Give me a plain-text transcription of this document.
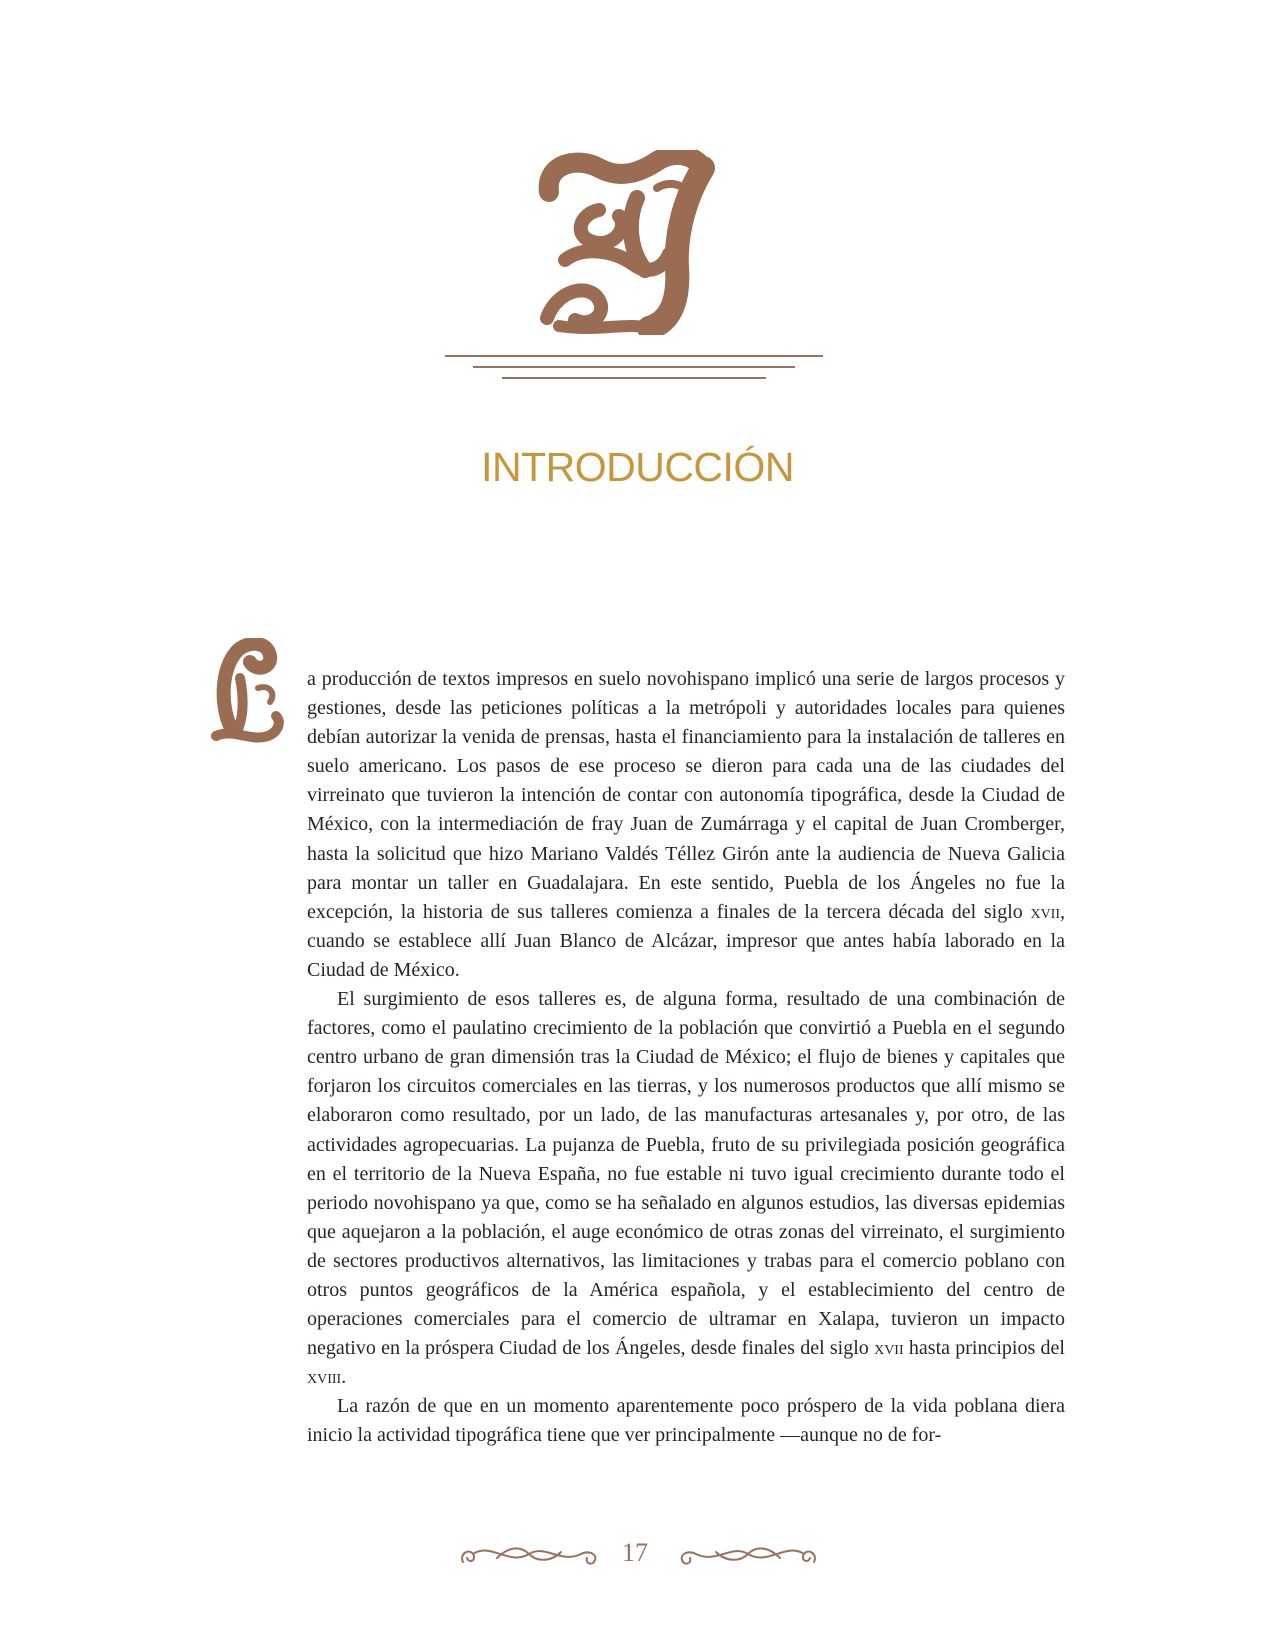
INTRODUCCIÓN

a producción de textos impresos en suelo novohispano implicó una serie de largos procesos y gestiones, desde las peticiones políticas a la metrópoli y autoridades locales para quienes debían autorizar la venida de prensas, hasta el financiamiento para la instalación de talleres en suelo americano. Los pasos de ese proceso se dieron para cada una de las ciudades del virreinato que tuvieron la intención de contar con autonomía tipográfica, desde la Ciudad de México, con la intermediación de fray Juan de Zumárraga y el capital de Juan Cromberger, hasta la solicitud que hizo Mariano Valdés Téllez Girón ante la audiencia de Nueva Galicia para montar un taller en Guadalajara. En este sentido, Puebla de los Ángeles no fue la excepción, la historia de sus talleres comienza a finales de la tercera década del siglo xvii, cuando se establece allí Juan Blanco de Alcázar, impresor que antes había laborado en la Ciudad de México.

El surgimiento de esos talleres es, de alguna forma, resultado de una combinación de factores, como el paulatino crecimiento de la población que convirtió a Puebla en el segundo centro urbano de gran dimensión tras la Ciudad de México; el flujo de bienes y capitales que forjaron los circuitos comerciales en las tierras, y los numerosos productos que allí mismo se elaboraron como resultado, por un lado, de las manufacturas artesanales y, por otro, de las actividades agropecuarias. La pujanza de Puebla, fruto de su privilegiada posición geográfica en el territorio de la Nueva España, no fue estable ni tuvo igual crecimiento durante todo el periodo novohispano ya que, como se ha señalado en algunos estudios, las diversas epidemias que aquejaron a la población, el auge económico de otras zonas del virreinato, el surgimiento de sectores productivos alternativos, las limitaciones y trabas para el comercio poblano con otros puntos geográficos de la América española, y el establecimiento del centro de operaciones comerciales para el comercio de ultramar en Xalapa, tuvieron un impacto negativo en la próspera Ciudad de los Ángeles, desde finales del siglo xvii hasta principios del xviii.

La razón de que en un momento aparentemente poco próspero de la vida poblana diera inicio la actividad tipográfica tiene que ver principalmente —aunque no de for-

17
